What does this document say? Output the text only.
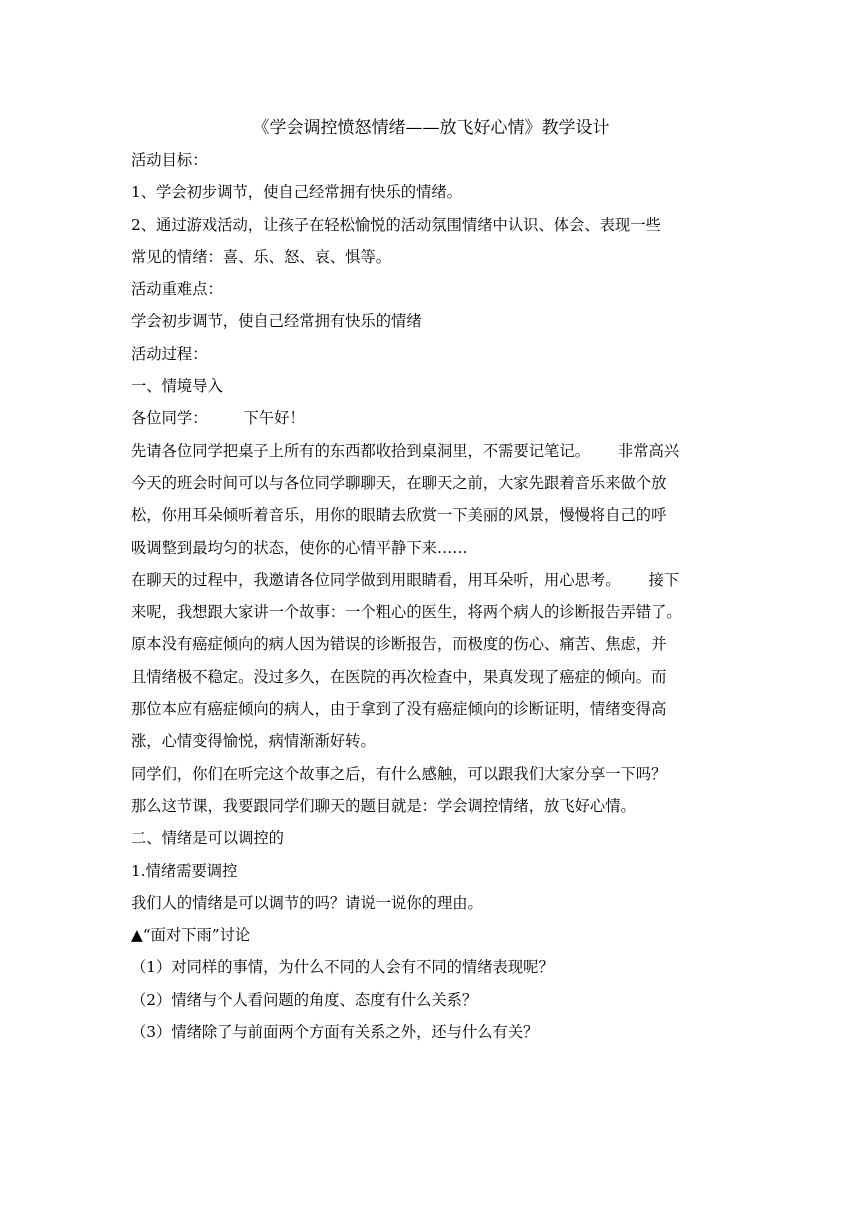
《学会调控愤怒情绪——放飞好心情》教学设计
活动目标：
1、学会初步调节，使自己经常拥有快乐的情绪。
2、通过游戏活动，让孩子在轻松愉悦的活动氛围情绪中认识、体会、表现一些
常见的情绪：喜、乐、怒、哀、惧等。
活动重难点：
学会初步调节，使自己经常拥有快乐的情绪
活动过程：
一、情境导入
各位同学： 下午好！
先请各位同学把桌子上所有的东西都收拾到桌洞里，不需要记笔记。 非常高兴
今天的班会时间可以与各位同学聊聊天，在聊天之前，大家先跟着音乐来做个放
松，你用耳朵倾听着音乐，用你的眼睛去欣赏一下美丽的风景，慢慢将自己的呼
吸调整到最均匀的状态，使你的心情平静下来……
在聊天的过程中，我邀请各位同学做到用眼睛看，用耳朵听，用心思考。 接下
来呢，我想跟大家讲一个故事：一个粗心的医生，将两个病人的诊断报告弄错了。
原本没有癌症倾向的病人因为错误的诊断报告，而极度的伤心、痛苦、焦虑，并
且情绪极不稳定。没过多久，在医院的再次检查中，果真发现了癌症的倾向。而
那位本应有癌症倾向的病人，由于拿到了没有癌症倾向的诊断证明，情绪变得高
涨，心情变得愉悦，病情渐渐好转。
同学们，你们在听完这个故事之后，有什么感触，可以跟我们大家分享一下吗？
那么这节课，我要跟同学们聊天的题目就是：学会调控情绪，放飞好心情。
二、情绪是可以调控的
1.情绪需要调控
我们人的情绪是可以调节的吗？请说一说你的理由。
▲“面对下雨”讨论
（1）对同样的事情，为什么不同的人会有不同的情绪表现呢？
（2）情绪与个人看问题的角度、态度有什么关系？
（3）情绪除了与前面两个方面有关系之外，还与什么有关？
